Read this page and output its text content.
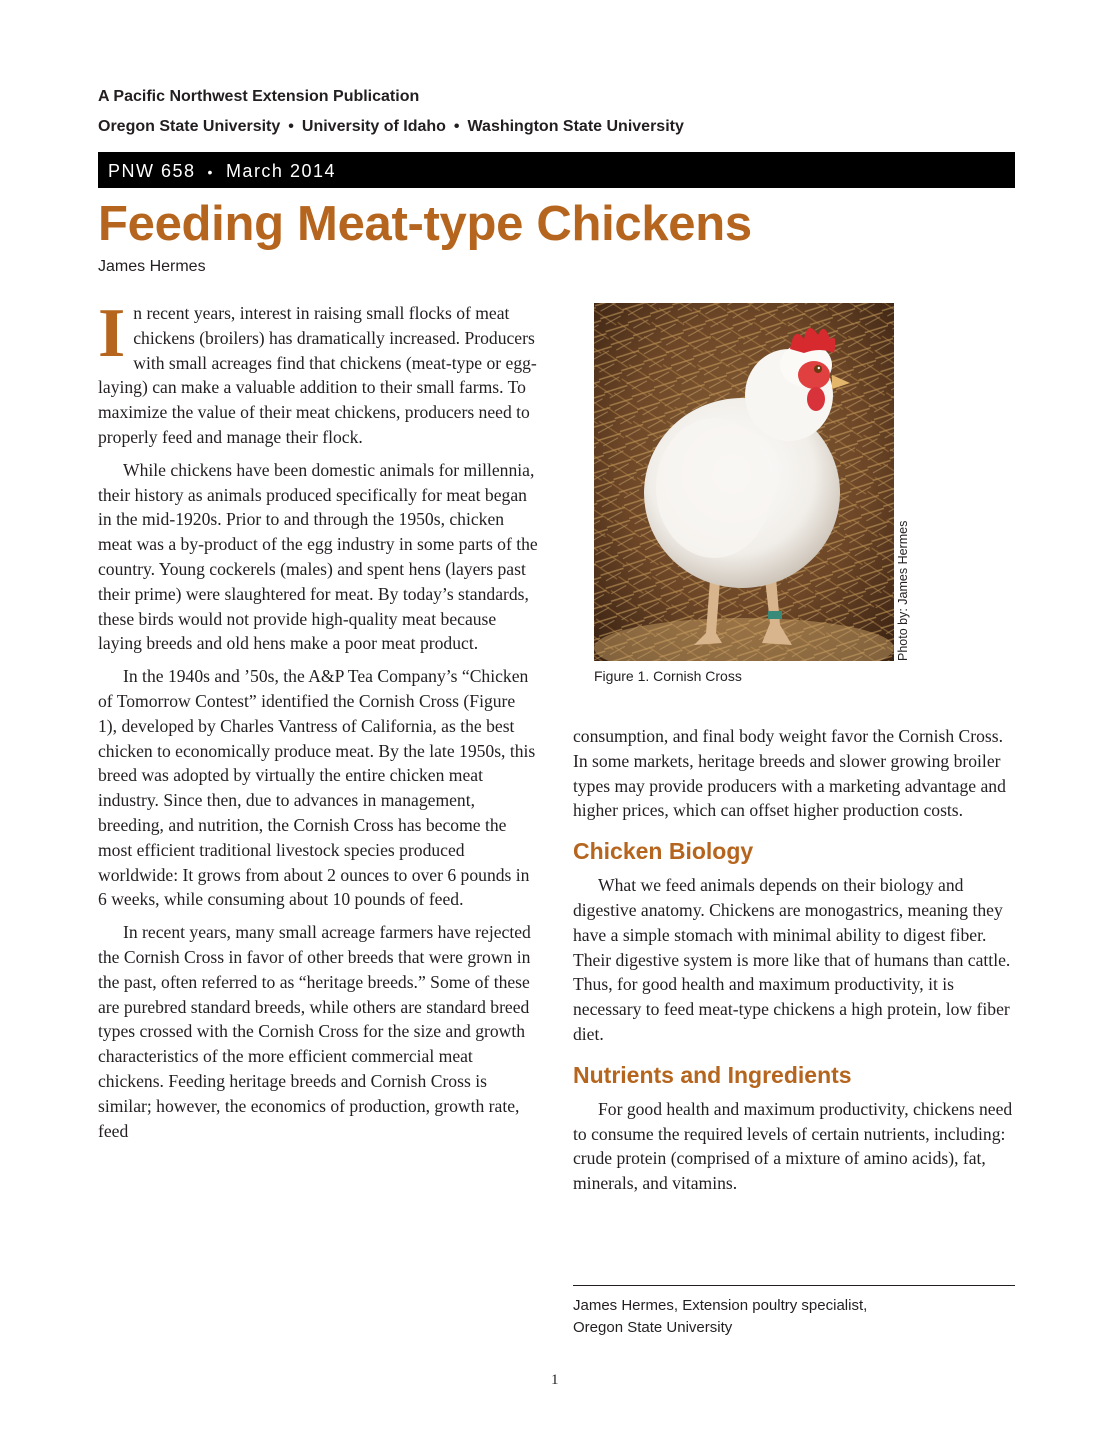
A Pacific Northwest Extension Publication
Oregon State University • University of Idaho • Washington State University
PNW 658 • March 2014
Feeding Meat-type Chickens
James Hermes

In recent years, interest in raising small flocks of meat chickens (broilers) has dramatically increased. Producers with small acreages find that chickens (meat-type or egg-laying) can make a valuable addition to their small farms. To maximize the value of their meat chickens, producers need to properly feed and manage their flock.

While chickens have been domestic animals for millennia, their history as animals produced specifically for meat began in the mid-1920s. Prior to and through the 1950s, chicken meat was a by-product of the egg industry in some parts of the country. Young cockerels (males) and spent hens (layers past their prime) were slaughtered for meat. By today’s standards, these birds would not provide high-quality meat because laying breeds and old hens make a poor meat product.

In the 1940s and ’50s, the A&P Tea Company’s “Chicken of Tomorrow Contest” identified the Cornish Cross (Figure 1), developed by Charles Vantress of California, as the best chicken to economically produce meat. By the late 1950s, this breed was adopted by virtually the entire chicken meat industry. Since then, due to advances in management, breeding, and nutrition, the Cornish Cross has become the most efficient traditional livestock species produced worldwide: It grows from about 2 ounces to over 6 pounds in 6 weeks, while consuming about 10 pounds of feed.

In recent years, many small acreage farmers have rejected the Cornish Cross in favor of other breeds that were grown in the past, often referred to as “heritage breeds.” Some of these are purebred standard breeds, while others are standard breed types crossed with the Cornish Cross for the size and growth characteristics of the more efficient commercial meat chickens. Feeding heritage breeds and Cornish Cross is similar; however, the economics of production, growth rate, feed

Photo by: James Hermes
Figure 1. Cornish Cross

consumption, and final body weight favor the Cornish Cross. In some markets, heritage breeds and slower growing broiler types may provide producers with a marketing advantage and higher prices, which can offset higher production costs.

Chicken Biology

What we feed animals depends on their biology and digestive anatomy. Chickens are monogastrics, meaning they have a simple stomach with minimal ability to digest fiber. Their digestive system is more like that of humans than cattle. Thus, for good health and maximum productivity, it is necessary to feed meat-type chickens a high protein, low fiber diet.

Nutrients and Ingredients

For good health and maximum productivity, chickens need to consume the required levels of certain nutrients, including: crude protein (comprised of a mixture of amino acids), fat, minerals, and vitamins.

James Hermes, Extension poultry specialist,
Oregon State University
1
